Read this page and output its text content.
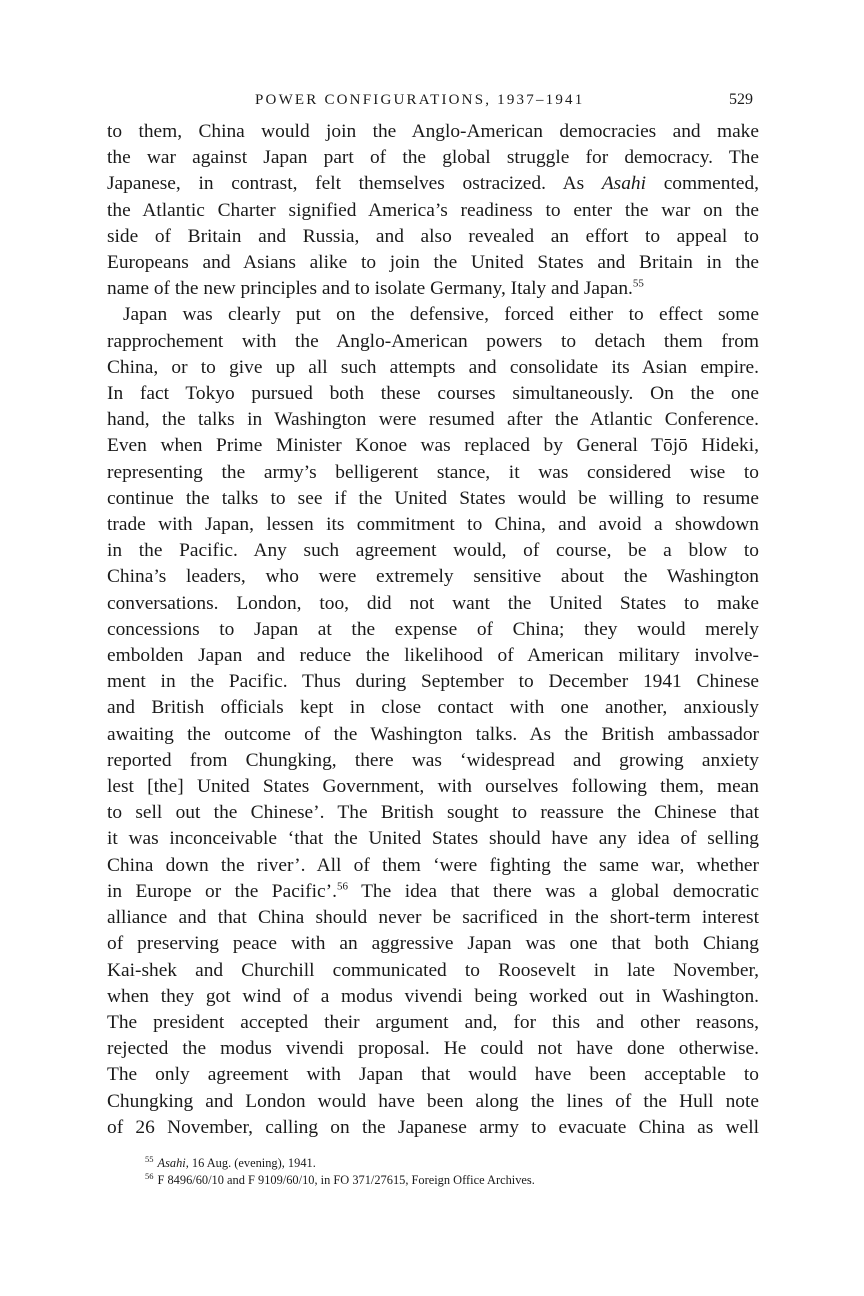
POWER CONFIGURATIONS, 1937–1941	529
to them, China would join the Anglo-American democracies and make
the war against Japan part of the global struggle for democracy. The
Japanese, in contrast, felt themselves ostracized. As Asahi commented,
the Atlantic Charter signified America’s readiness to enter the war on the
side of Britain and Russia, and also revealed an effort to appeal to
Europeans and Asians alike to join the United States and Britain in the
name of the new principles and to isolate Germany, Italy and Japan.$^{55}$
Japan was clearly put on the defensive, forced either to effect some
rapprochement with the Anglo-American powers to detach them from
China, or to give up all such attempts and consolidate its Asian empire.
In fact Tokyo pursued both these courses simultaneously. On the one
hand, the talks in Washington were resumed after the Atlantic Conference.
Even when Prime Minister Konoe was replaced by General Tōjō Hideki,
representing the army’s belligerent stance, it was considered wise to
continue the talks to see if the United States would be willing to resume
trade with Japan, lessen its commitment to China, and avoid a showdown
in the Pacific. Any such agreement would, of course, be a blow to
China’s leaders, who were extremely sensitive about the Washington
conversations. London, too, did not want the United States to make
concessions to Japan at the expense of China; they would merely
embolden Japan and reduce the likelihood of American military involve-
ment in the Pacific. Thus during September to December 1941 Chinese
and British officials kept in close contact with one another, anxiously
awaiting the outcome of the Washington talks. As the British ambassador
reported from Chungking, there was ‘widespread and growing anxiety
lest [the] United States Government, with ourselves following them, mean
to sell out the Chinese’. The British sought to reassure the Chinese that
it was inconceivable ‘that the United States should have any idea of selling
China down the river’. All of them ‘were fighting the same war, whether
in Europe or the Pacific’.$^{56}$ The idea that there was a global democratic
alliance and that China should never be sacrificed in the short-term interest
of preserving peace with an aggressive Japan was one that both Chiang
Kai-shek and Churchill communicated to Roosevelt in late November,
when they got wind of a modus vivendi being worked out in Washington.
The president accepted their argument and, for this and other reasons,
rejected the modus vivendi proposal. He could not have done otherwise.
The only agreement with Japan that would have been acceptable to
Chungking and London would have been along the lines of the Hull note
of 26 November, calling on the Japanese army to evacuate China as well
$^{55}$ Asahi, 16 Aug. (evening), 1941.
$^{56}$ F 8496/60/10 and F 9109/60/10, in FO 371/27615, Foreign Office Archives.
